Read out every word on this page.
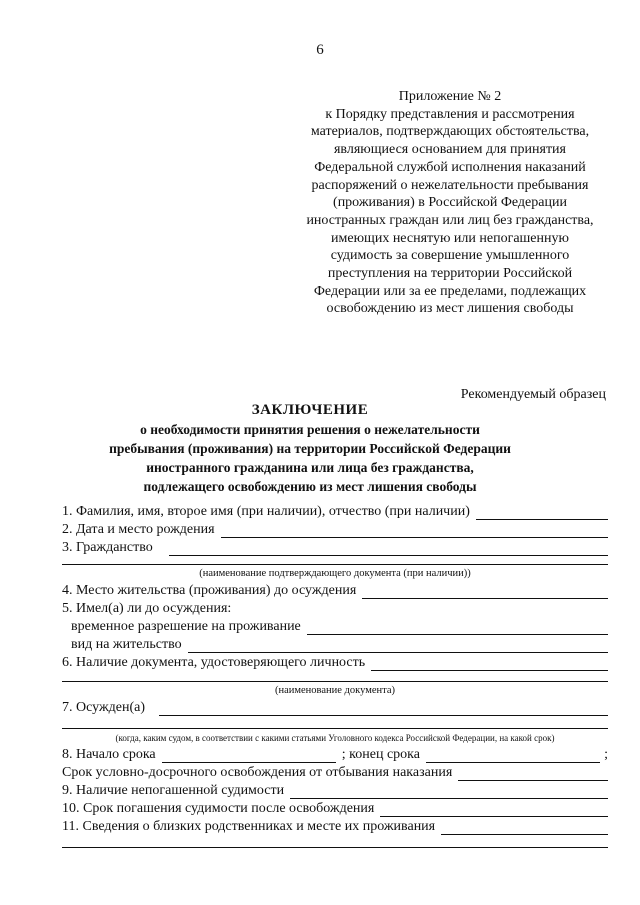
6
Приложение № 2
к Порядку представления и рассмотрения
материалов, подтверждающих обстоятельства,
являющиеся основанием для принятия
Федеральной службой исполнения наказаний
распоряжений о нежелательности пребывания
(проживания) в Российской Федерации
иностранных граждан или лиц без гражданства,
имеющих неснятую или непогашенную
судимость за совершение умышленного
преступления на территории Российской
Федерации или за ее пределами, подлежащих
освобождению из мест лишения свободы
Рекомендуемый образец
ЗАКЛЮЧЕНИЕ
о необходимости принятия решения о нежелательности
пребывания (проживания) на территории Российской Федерации
иностранного гражданина или лица без гражданства,
подлежащего освобождению из мест лишения свободы
1. Фамилия, имя, второе имя (при наличии), отчество (при наличии)
2. Дата и место рождения
3. Гражданство
(наименование подтверждающего документа (при наличии))
4. Место жительства (проживания) до осуждения
5. Имел(а) ли до осуждения:
временное разрешение на проживание
вид на жительство
6. Наличие документа, удостоверяющего личность
(наименование документа)
7. Осужден(а)
(когда, каким судом, в соответствии с какими статьями Уголовного кодекса Российской Федерации, на какой срок)
8. Начало срока	; конец срока	;
Срок условно-досрочного освобождения от отбывания наказания
9. Наличие непогашенной судимости
10. Срок погашения судимости после освобождения
11. Сведения о близких родственниках и месте их проживания
